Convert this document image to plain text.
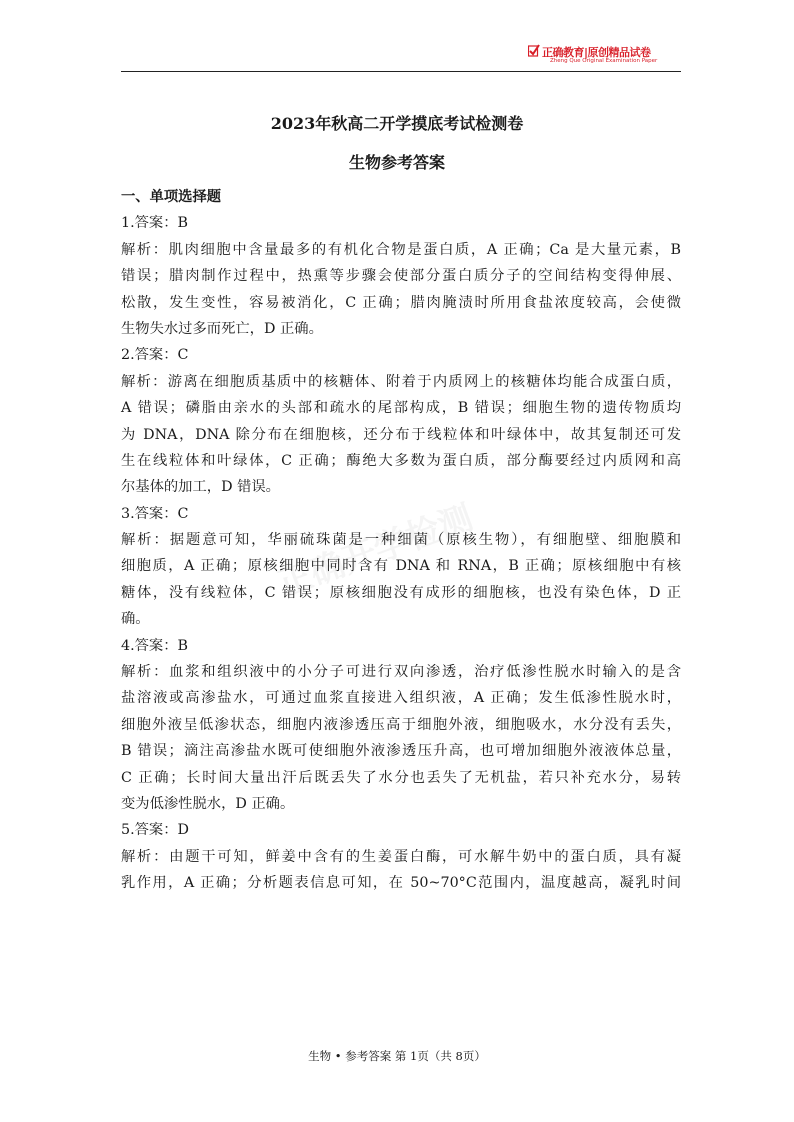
正确教育|原创精品试卷
Zheng Que Original Examination Paper
2023年秋高二开学摸底考试检测卷
生物参考答案
一、单项选择题
1.答案：B
解析：肌肉细胞中含量最多的有机化合物是蛋白质，A 正确；Ca 是大量元素，B
错误；腊肉制作过程中，热熏等步骤会使部分蛋白质分子的空间结构变得伸展、
松散，发生变性，容易被消化，C 正确；腊肉腌渍时所用食盐浓度较高，会使微
生物失水过多而死亡，D 正确。
2.答案：C
解析：游离在细胞质基质中的核糖体、附着于内质网上的核糖体均能合成蛋白质，
A 错误；磷脂由亲水的头部和疏水的尾部构成，B 错误；细胞生物的遗传物质均
为 DNA，DNA 除分布在细胞核，还分布于线粒体和叶绿体中，故其复制还可发
生在线粒体和叶绿体，C 正确；酶绝大多数为蛋白质，部分酶要经过内质网和高
尔基体的加工，D 错误。
3.答案：C
解析：据题意可知，华丽硫珠菌是一种细菌（原核生物），有细胞壁、细胞膜和
细胞质，A 正确；原核细胞中同时含有 DNA 和 RNA，B 正确；原核细胞中有核
糖体，没有线粒体，C 错误；原核细胞没有成形的细胞核，也没有染色体，D 正
确。
4.答案：B
解析：血浆和组织液中的小分子可进行双向渗透，治疗低渗性脱水时输入的是含
盐溶液或高渗盐水，可通过血浆直接进入组织液，A 正确；发生低渗性脱水时，
细胞外液呈低渗状态，细胞内液渗透压高于细胞外液，细胞吸水，水分没有丢失，
B 错误；滴注高渗盐水既可使细胞外液渗透压升高，也可增加细胞外液液体总量，
C 正确；长时间大量出汗后既丢失了水分也丢失了无机盐，若只补充水分，易转
变为低渗性脱水，D 正确。
5.答案：D
解析：由题干可知，鲜姜中含有的生姜蛋白酶，可水解牛奶中的蛋白质，具有凝
乳作用，A 正确；分析题表信息可知，在 50~70°C范围内，温度越高，凝乳时间
生物 • 参考答案 第 1页（共 8页）
